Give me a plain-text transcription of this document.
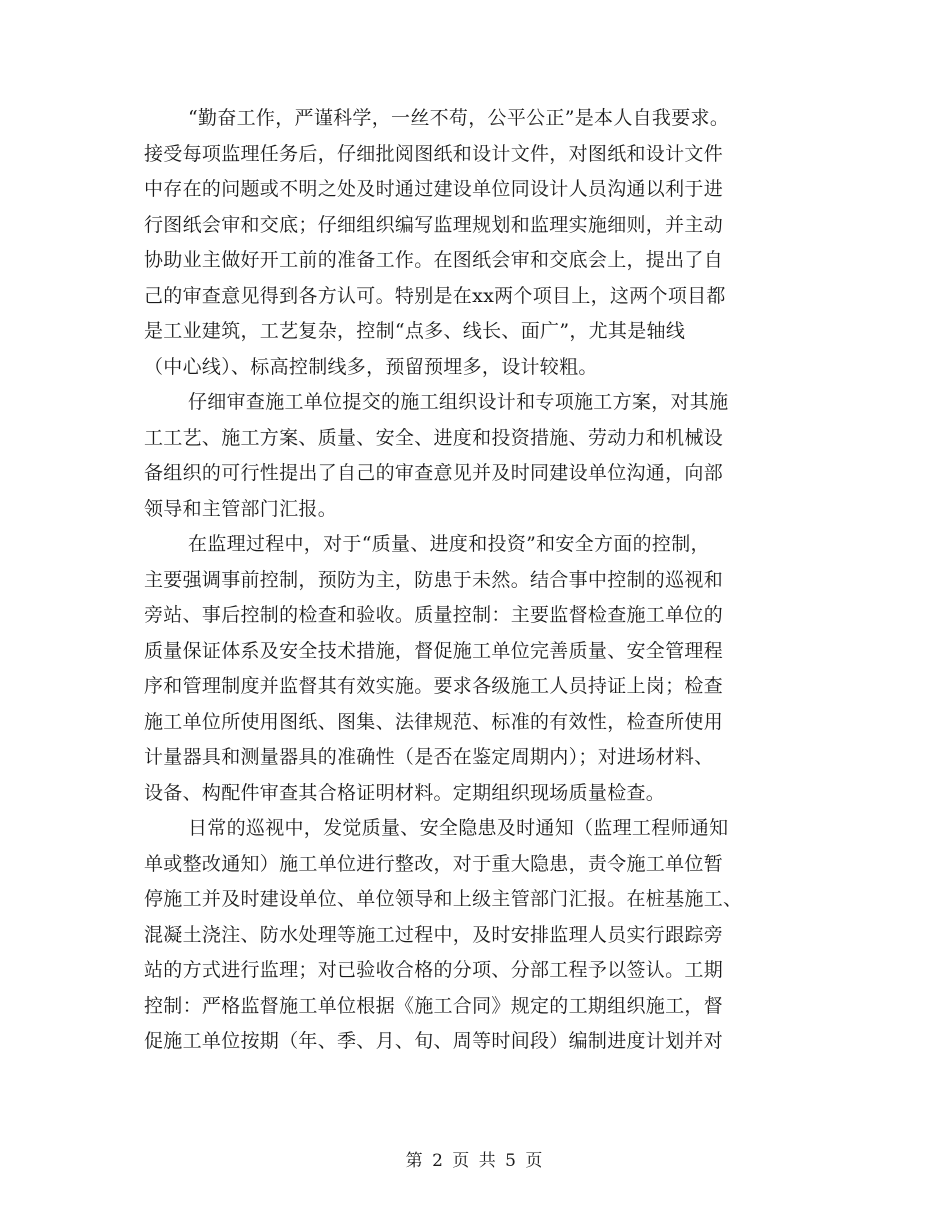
“勤奋工作，严谨科学，一丝不苟，公平公正”是本人自我要求。
接受每项监理任务后，仔细批阅图纸和设计文件，对图纸和设计文件
中存在的问题或不明之处及时通过建设单位同设计人员沟通以利于进
行图纸会审和交底；仔细组织编写监理规划和监理实施细则，并主动
协助业主做好开工前的准备工作。在图纸会审和交底会上，提出了自
己的审查意见得到各方认可。特别是在xx两个项目上，这两个项目都
是工业建筑，工艺复杂，控制“点多、线长、面广”，尤其是轴线
（中心线）、标高控制线多，预留预埋多，设计较粗。
仔细审查施工单位提交的施工组织设计和专项施工方案，对其施
工工艺、施工方案、质量、安全、进度和投资措施、劳动力和机械设
备组织的可行性提出了自己的审查意见并及时同建设单位沟通，向部
领导和主管部门汇报。
在监理过程中，对于“质量、进度和投资”和安全方面的控制，
主要强调事前控制，预防为主，防患于未然。结合事中控制的巡视和
旁站、事后控制的检查和验收。质量控制：主要监督检查施工单位的
质量保证体系及安全技术措施，督促施工单位完善质量、安全管理程
序和管理制度并监督其有效实施。要求各级施工人员持证上岗；检查
施工单位所使用图纸、图集、法律规范、标准的有效性，检查所使用
计量器具和测量器具的准确性（是否在鉴定周期内）；对进场材料、
设备、构配件审查其合格证明材料。定期组织现场质量检查。
日常的巡视中，发觉质量、安全隐患及时通知（监理工程师通知
单或整改通知）施工单位进行整改，对于重大隐患，责令施工单位暂
停施工并及时建设单位、单位领导和上级主管部门汇报。在桩基施工、
混凝土浇注、防水处理等施工过程中，及时安排监理人员实行跟踪旁
站的方式进行监理；对已验收合格的分项、分部工程予以签认。工期
控制：严格监督施工单位根据《施工合同》规定的工期组织施工，督
促施工单位按期（年、季、月、旬、周等时间段）编制进度计划并对
第 2 页 共 5 页
